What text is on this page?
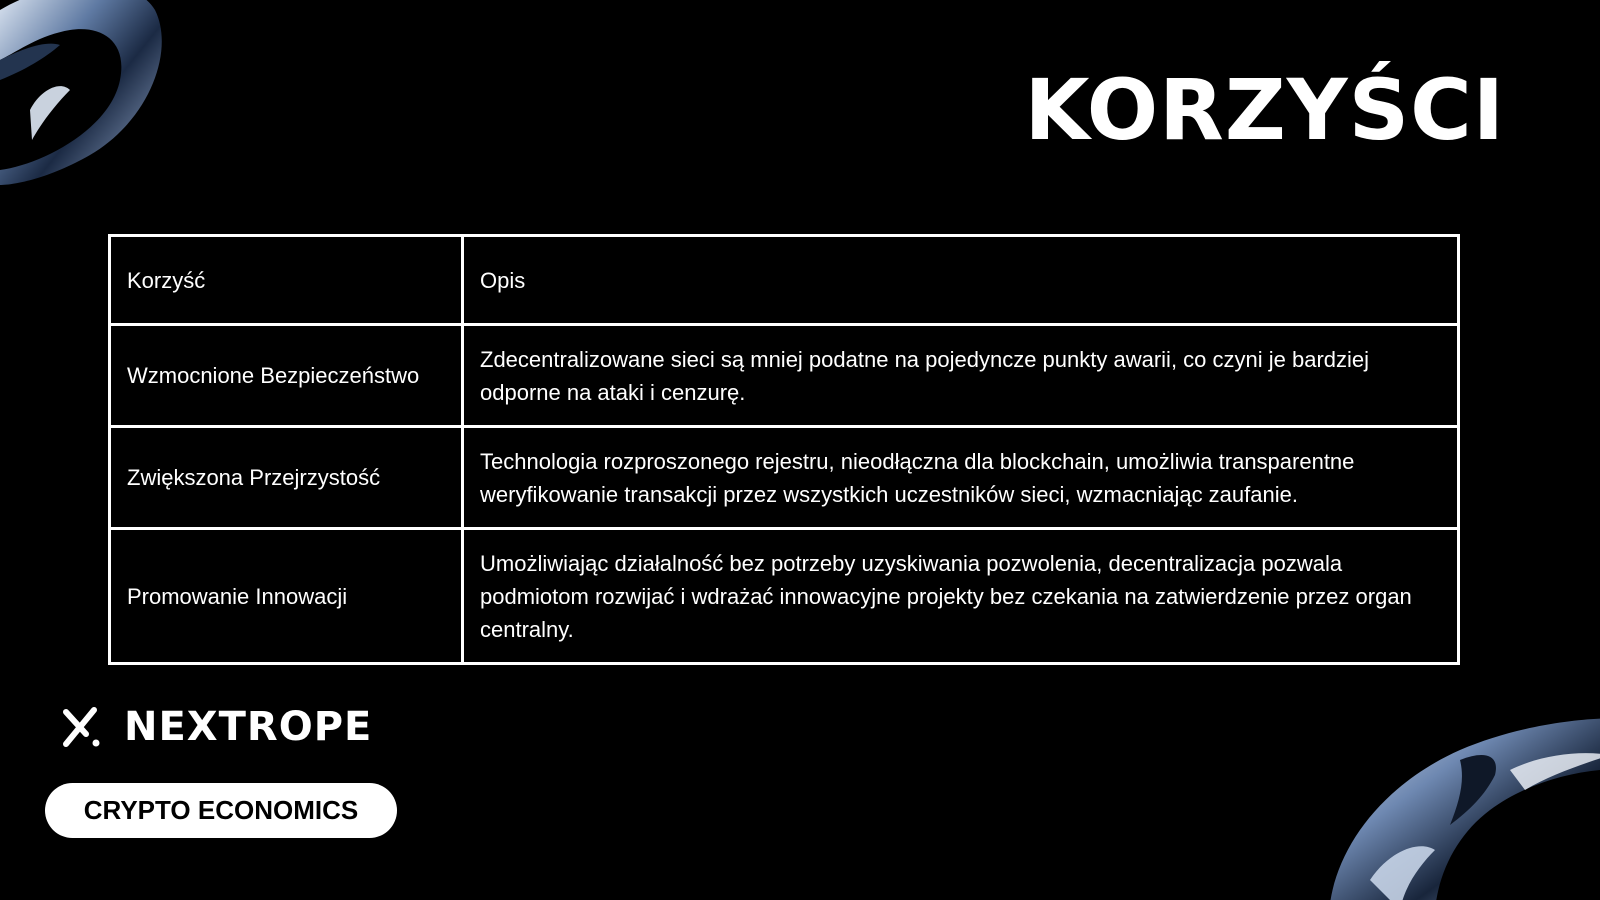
KORZYŚCI
Korzyść	Opis
Wzmocnione Bezpieczeństwo	Zdecentralizowane sieci są mniej podatne na pojedyncze punkty awarii, co czyni je bardziej odporne na ataki i cenzurę.
Zwiększona Przejrzystość	Technologia rozproszonego rejestru, nieodłączna dla blockchain, umożliwia transparentne weryfikowanie transakcji przez wszystkich uczestników sieci, wzmacniając zaufanie.
Promowanie Innowacji	Umożliwiając działalność bez potrzeby uzyskiwania pozwolenia, decentralizacja pozwala podmiotom rozwijać i wdrażać innowacyjne projekty bez czekania na zatwierdzenie przez organ centralny.
NEXTROPE
CRYPTO ECONOMICS
